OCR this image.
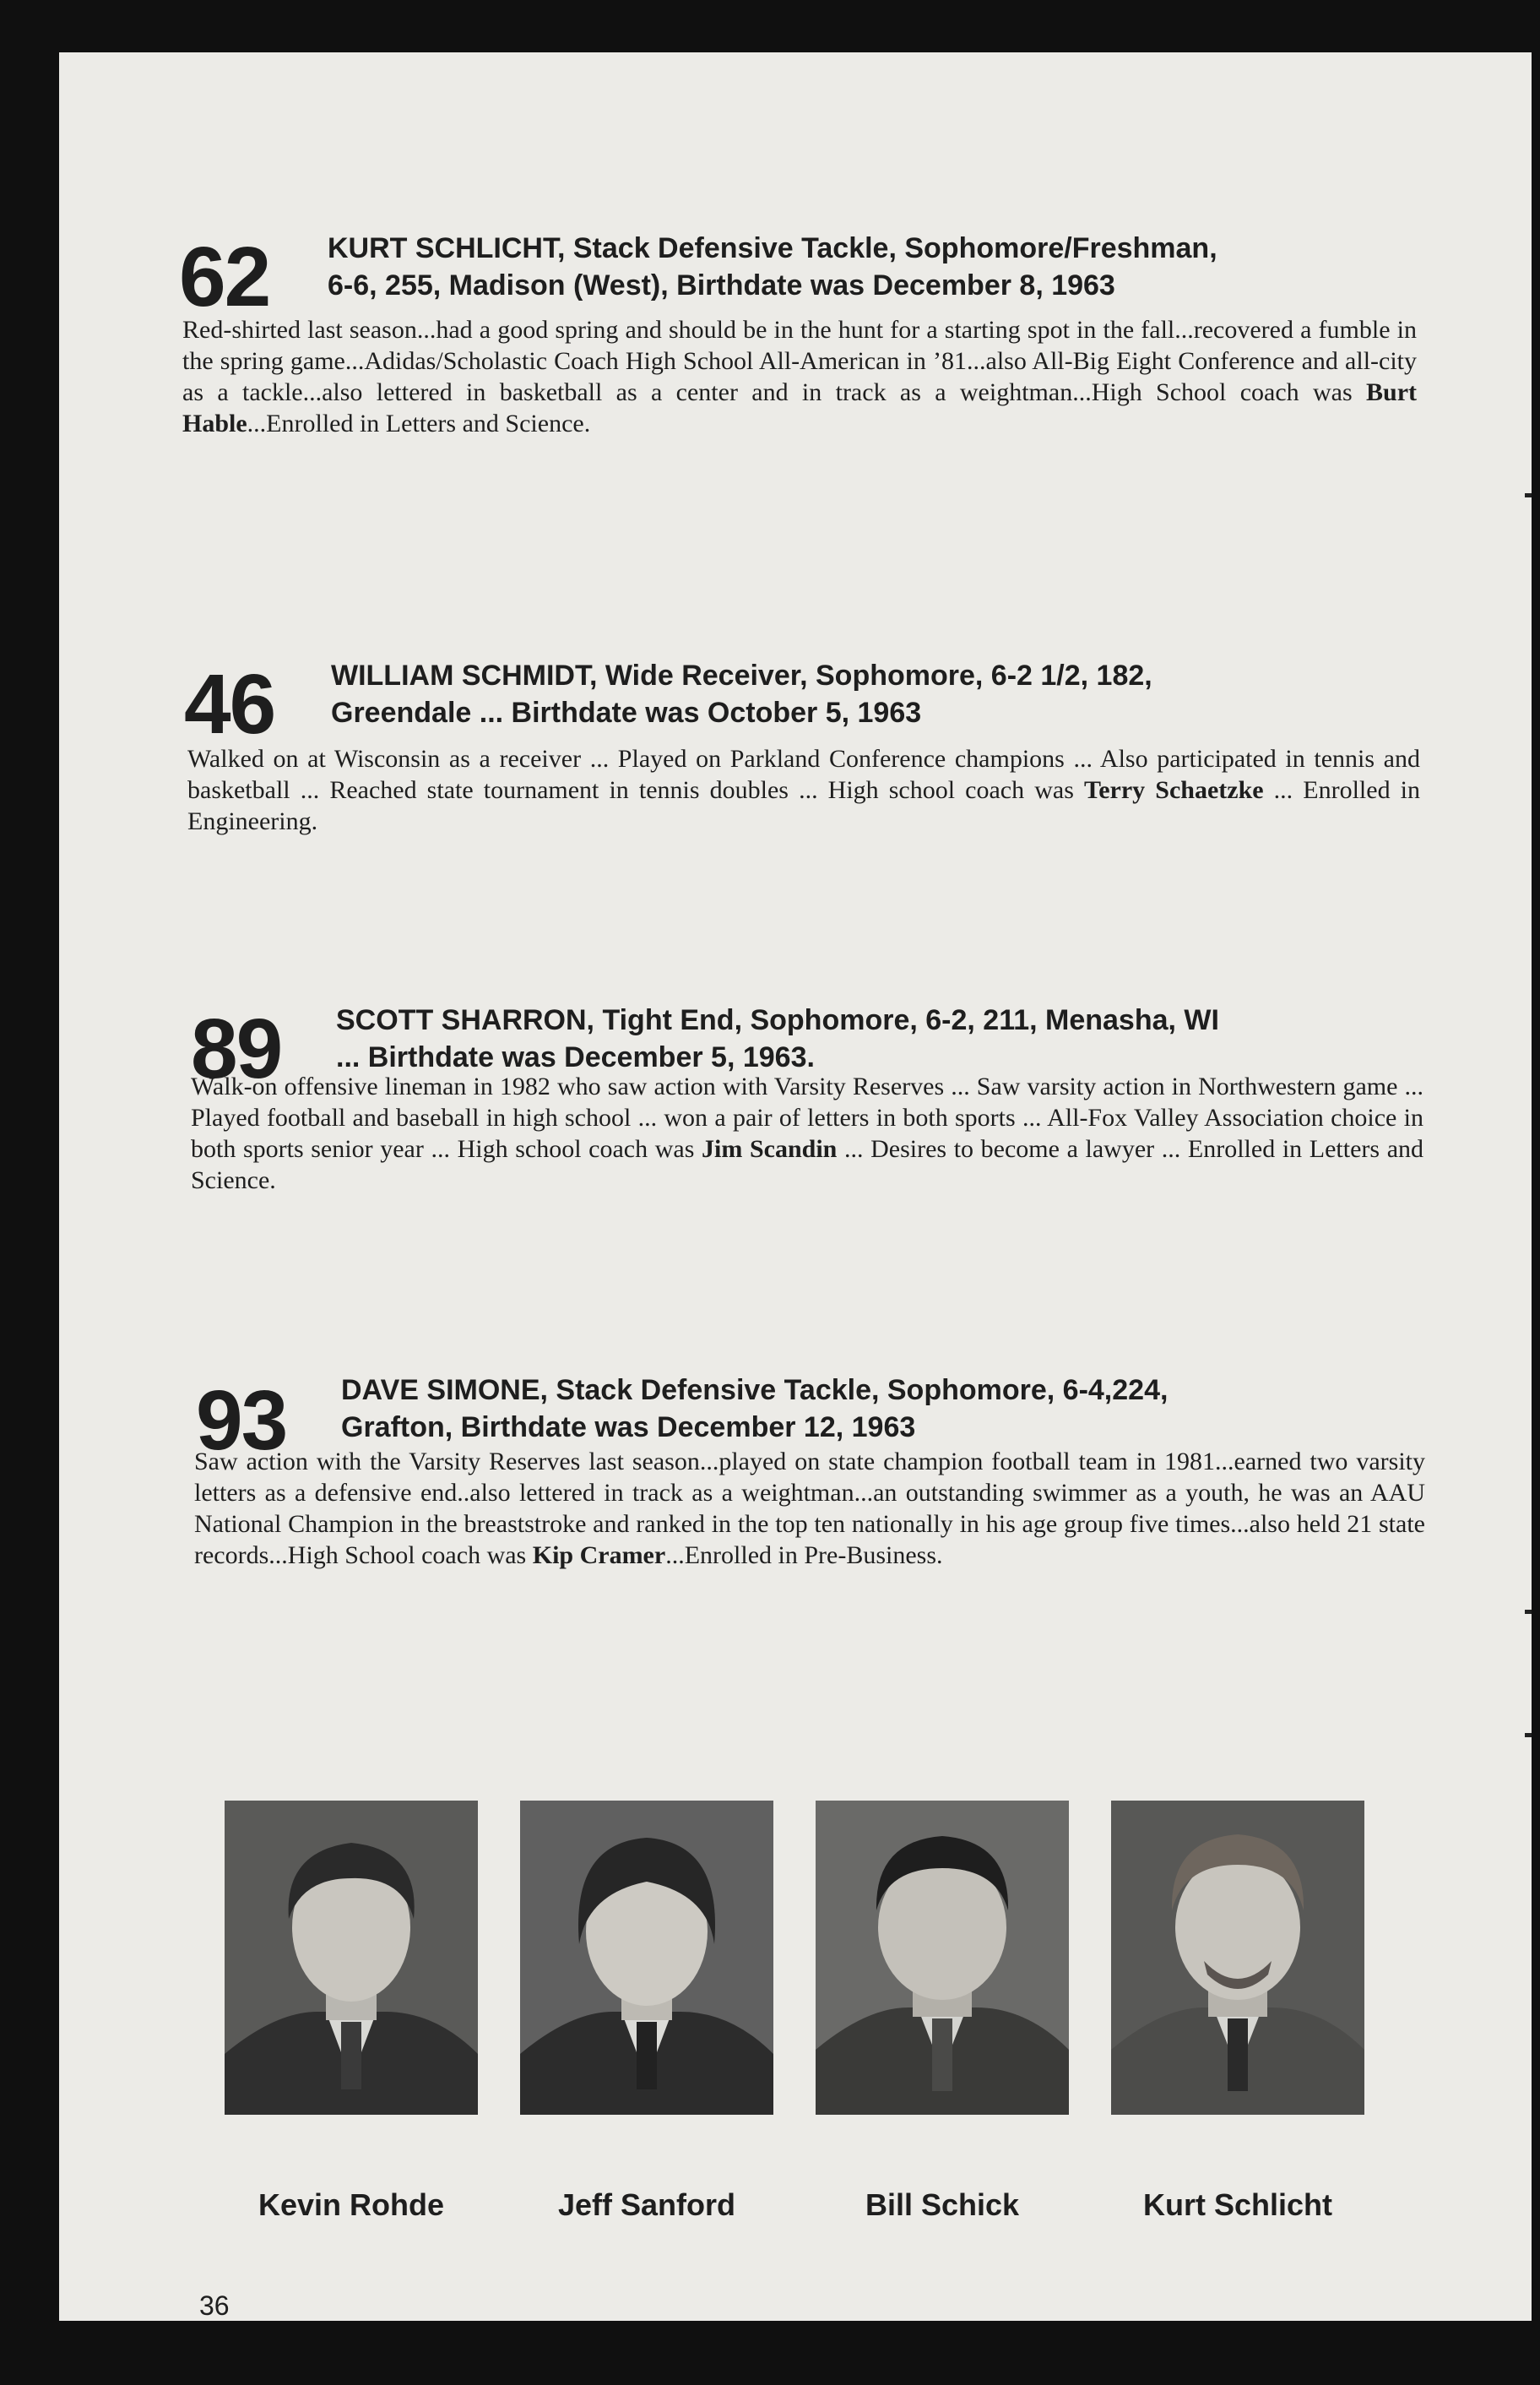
62 KURT SCHLICHT, Stack Defensive Tackle, Sophomore/Freshman,
6-6, 255, Madison (West), Birthdate was December 8, 1963
Red-shirted last season...had a good spring and should be in the hunt for a starting spot in the fall...recovered a fumble in the spring game...Adidas/Scholastic Coach High School All-American in ’81...also All-Big Eight Conference and all-city as a tackle...also lettered in basketball as a center and in track as a weightman...High School coach was Burt Hable...Enrolled in Letters and Science.
46 WILLIAM SCHMIDT, Wide Receiver, Sophomore, 6-2 1/2, 182,
Greendale ... Birthdate was October 5, 1963
Walked on at Wisconsin as a receiver ... Played on Parkland Conference champions ... Also participated in tennis and basketball ... Reached state tournament in tennis doubles ... High school coach was Terry Schaetzke ... Enrolled in Engineering.
89 SCOTT SHARRON, Tight End, Sophomore, 6-2, 211, Menasha, WI
... Birthdate was December 5, 1963.
Walk-on offensive lineman in 1982 who saw action with Varsity Reserves ... Saw varsity action in Northwestern game ... Played football and baseball in high school ... won a pair of letters in both sports ... All-Fox Valley Association choice in both sports senior year ... High school coach was Jim Scandin ... Desires to become a lawyer ... Enrolled in Letters and Science.
93 DAVE SIMONE, Stack Defensive Tackle, Sophomore, 6-4,224,
Grafton, Birthdate was December 12, 1963
Saw action with the Varsity Reserves last season...played on state champion football team in 1981...earned two varsity letters as a defensive end..also lettered in track as a weightman...an outstanding swimmer as a youth, he was an AAU National Champion in the breaststroke and ranked in the top ten nationally in his age group five times...also held 21 state records...High School coach was Kip Cramer...Enrolled in Pre-Business.
Kevin Rohde	Jeff Sanford	Bill Schick	Kurt Schlicht
36
